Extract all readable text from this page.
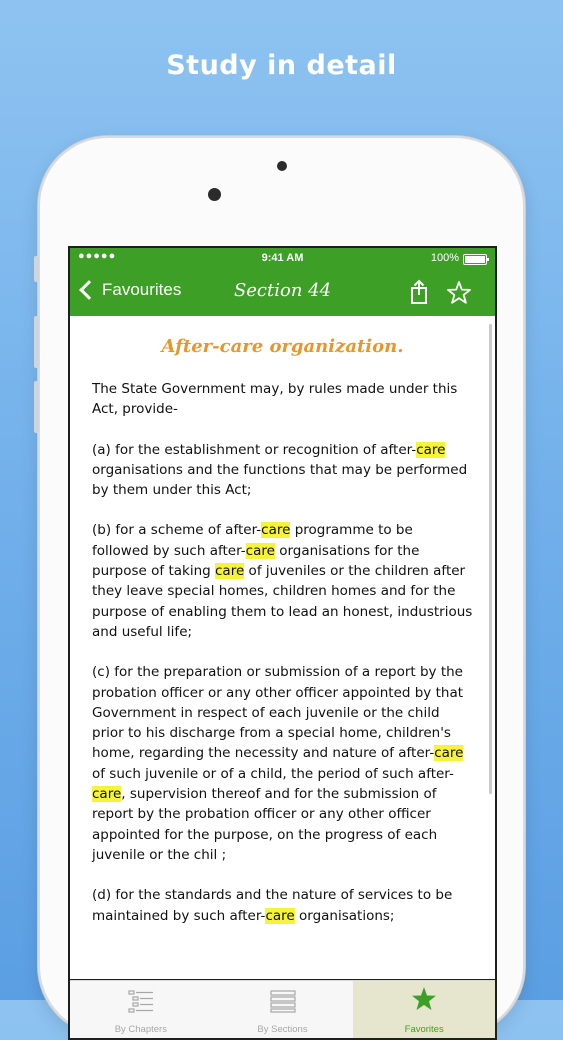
Study in detail
●●●●●	9:41 AM	100%
Favourites	Section 44
After-care organization.

The State Government may, by rules made under this Act, provide-

(a) for the establishment or recognition of after-care organisations and the functions that may be performed by them under this Act;

(b) for a scheme of after-care programme to be followed by such after-care organisations for the purpose of taking care of juveniles or the children after they leave special homes, children homes and for the purpose of enabling them to lead an honest, industrious and useful life;

(c) for the preparation or submission of a report by the probation officer or any other officer appointed by that Government in respect of each juvenile or the child prior to his discharge from a special home, children's home, regarding the necessity and nature of after-care of such juvenile or of a child, the period of such after-care, supervision thereof and for the submission of report by the probation officer or any other officer appointed for the purpose, on the progress of each juvenile or the chil ;

(d) for the standards and the nature of services to be maintained by such after-care organisations;

By Chapters	By Sections	Favorites
